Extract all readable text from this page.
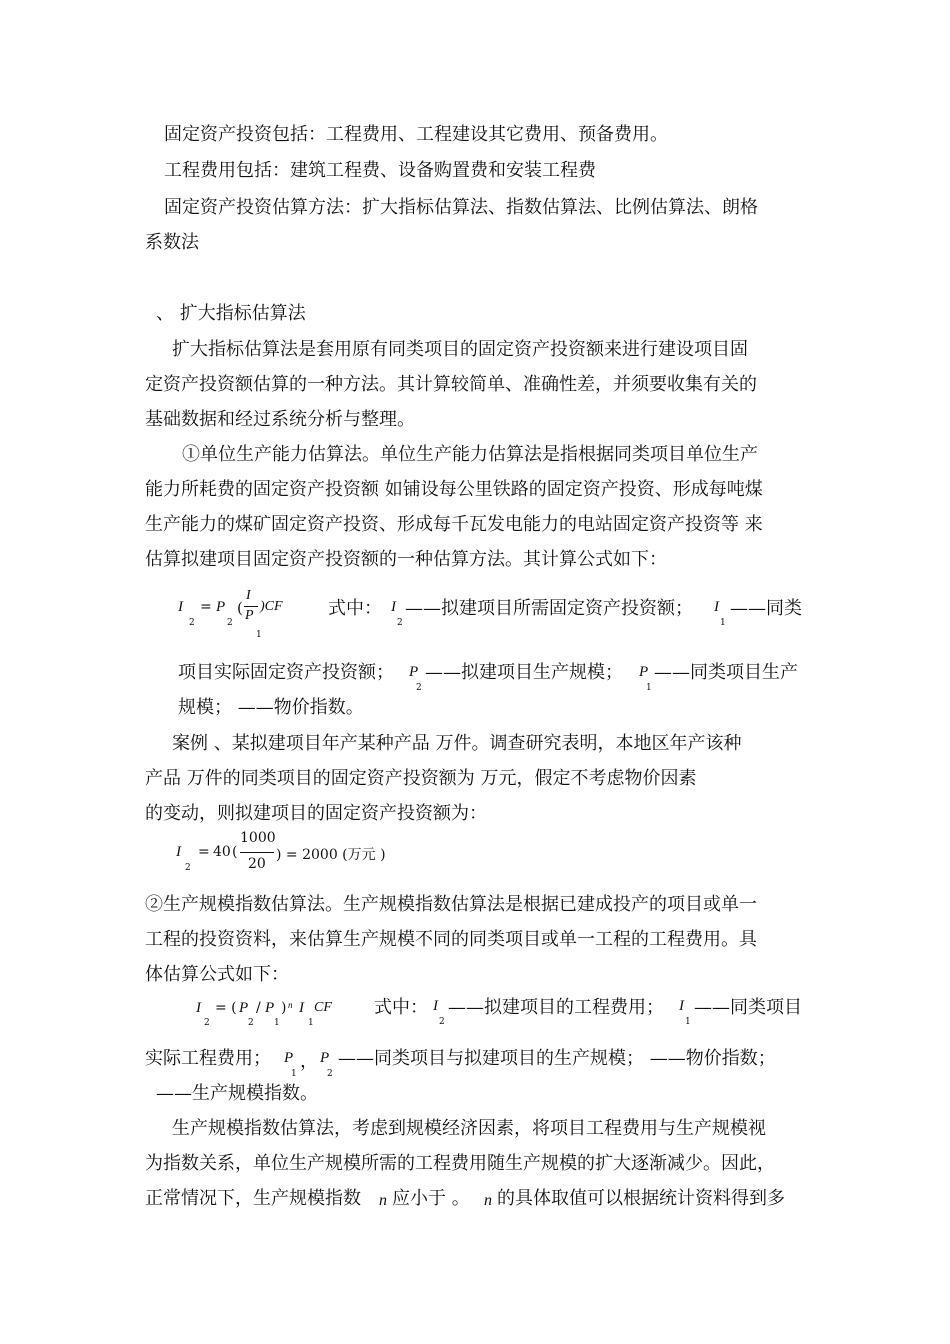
固定资产投资包括：工程费用、工程建设其它费用、预备费用。
工程费用包括：建筑工程费、设备购置费和安装工程费
固定资产投资估算方法：扩大指标估算法、指数估算法、比例估算法、朗格
系数法
、 扩大指标估算法
扩大指标估算法是套用原有同类项目的固定资产投资额来进行建设项目固
定资产投资额估算的一种方法。其计算较简单、准确性差，并须要收集有关的
基础数据和经过系统分析与整理。
①单位生产能力估算法。单位生产能力估算法是指根据同类项目单位生产
能力所耗费的固定资产投资额 如铺设每公里铁路的固定资产投资、形成每吨煤
生产能力的煤矿固定资产投资、形成每千瓦发电能力的电站固定资产投资等 来
估算拟建项目固定资产投资额的一种估算方法。其计算公式如下：
I
2
= P
2
(
I
P
1
)CF	式中： I
2
——拟建项目所需固定资产投资额； I
1
——同类
项目实际固定资产投资额； P
2
——拟建项目生产规模； P
1
——同类项目生产
规模； ——物价指数。
案例 、某拟建项目年产某种产品 万件。调查研究表明，本地区年产该种
产品 万件的同类项目的固定资产投资额为 万元，假定不考虑物价因素
的变动，则拟建项目的固定资产投资额为：
I
2
= 40 (
1000
20
) = 2000 (万元 )
②生产规模指数估算法。生产规模指数估算法是根据已建成投产的项目或单一
工程的投资资料，来估算生产规模不同的同类项目或单一工程的工程费用。具
体估算公式如下：
I
2
= ( P
2
/ P
1
) n I
1
CF 式中： I
2
——拟建项目的工程费用； I
1
——同类项目
实际工程费用； P
1
， P
2
——同类项目与拟建项目的生产规模； ——物价指数；
——生产规模指数。
生产规模指数估算法，考虑到规模经济因素，将项目工程费用与生产规模视
为指数关系，单位生产规模所需的工程费用随生产规模的扩大逐渐减少。因此，
正常情况下，生产规模指数 n 应小于 。 n 的具体取值可以根据统计资料得到多
